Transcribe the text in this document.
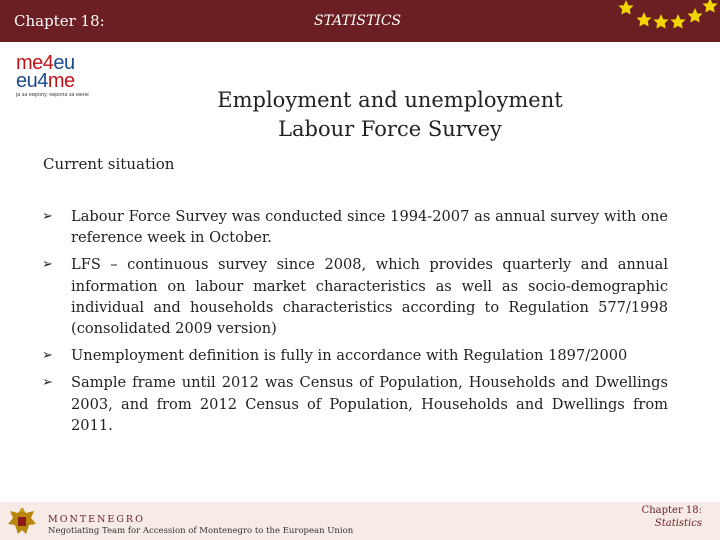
Chapter 18:	STATISTICS
me4eu
eu4me
ја за европу, европа за мене	Employment and unemployment
Labour Force Survey
Current situation
➢ Labour Force Survey was conducted since 1994-2007 as annual survey with one reference week in October.
➢ LFS – continuous survey since 2008, which provides quarterly and annual information on labour market characteristics as well as socio-demographic individual and households characteristics according to Regulation 577/1998 (consolidated 2009 version)
➢ Unemployment definition is fully in accordance with Regulation 1897/2000
➢ Sample frame until 2012 was Census of Population, Households and Dwellings 2003, and from 2012 Census of Population, Households and Dwellings from 2011.
MONTENEGRO
Negotiating Team for Accession of Montenegro to the European Union
Chapter 18:
Statistics
